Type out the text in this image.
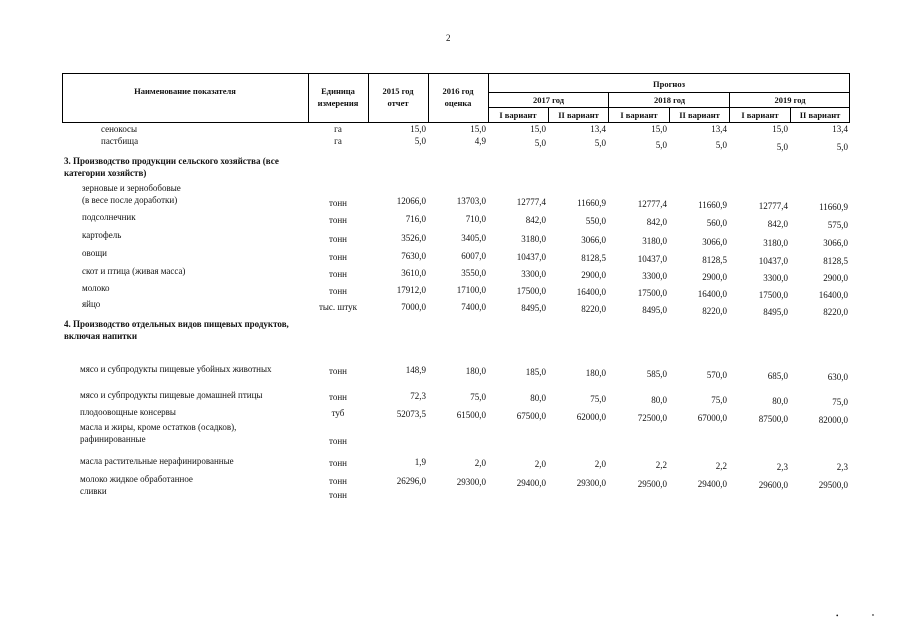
2
Наименование показателя	Единица измерения
2015 год отчет
2016 год оценка
Прогноз
2017 год	2018 год	2019 год
I вариант	II вариант	I вариант	II вариант	I вариант	II вариант
сенокосы	га	15,0	15,0	15,0	13,4	15,0	13,4	15,0	13,4
пастбища	га	5,0	4,9	5,0	5,0	5,0	5,0	5,0	5,0
3. Производство продукции сельского хозяйства (все категории хозяйств)
зерновые и зернобобовые
(в весе после доработки)	тонн	12066,0	13703,0	12777,4	11660,9	12777,4	11660,9	12777,4	11660,9
подсолнечник	тонн	716,0	710,0	842,0	550,0	842,0	560,0	842,0	575,0
картофель	тонн	3526,0	3405,0	3180,0	3066,0	3180,0	3066,0	3180,0	3066,0
овощи	тонн	7630,0	6007,0	10437,0	8128,5	10437,0	8128,5	10437,0	8128,5
скот и птица (живая масса)	тонн	3610,0	3550,0	3300,0	2900,0	3300,0	2900,0	3300,0	2900,0
молоко	тонн	17912,0	17100,0	17500,0	16400,0	17500,0	16400,0	17500,0	16400,0
яйцо	тыс. штук	7000,0	7400,0	8495,0	8220,0	8495,0	8220,0	8495,0	8220,0
4. Производство отдельных видов пищевых продуктов, включая напитки
мясо и субпродукты пищевые убойных животных	тонн	148,9	180,0	185,0	180,0	585,0	570,0	685,0	630,0
мясо и субпродукты пищевые домашней птицы	тонн	72,3	75,0	80,0	75,0	80,0	75,0	80,0	75,0
плодоовощные консервы	туб	52073,5	61500,0	67500,0	62000,0	72500,0	67000,0	87500,0	82000,0
масла и жиры, кроме остатков (осадков),
рафинированные	тонн
масла растительные нерафинированные	тонн	1,9	2,0	2,0	2,0	2,2	2,2	2,3	2,3
молоко жидкое обработанное	тонн	26296,0	29300,0	29400,0	29300,0	29500,0	29400,0	29600,0	29500,0
сливки	тонн
•	ⁿ
